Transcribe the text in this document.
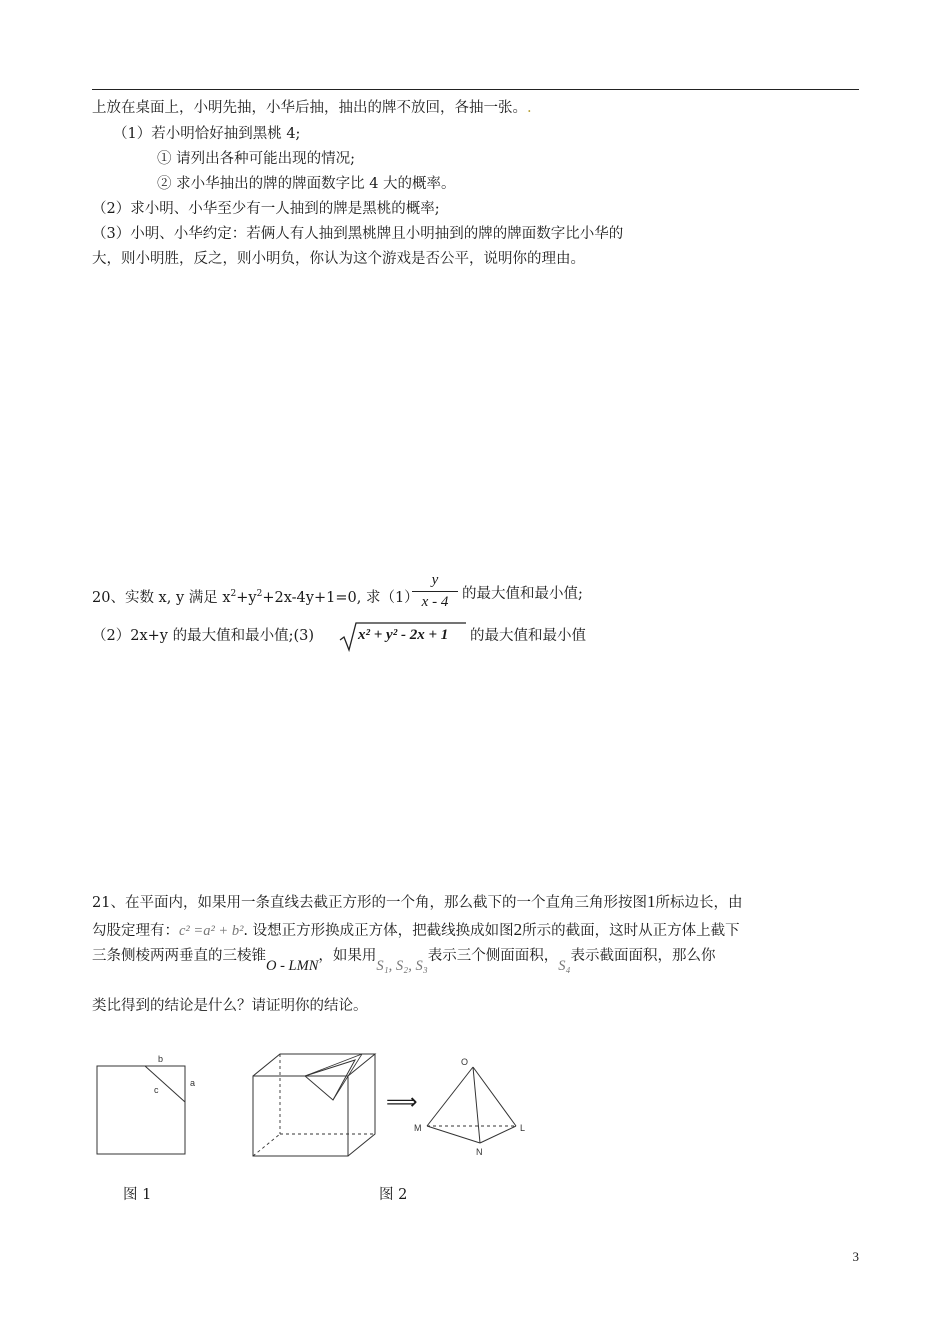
上放在桌面上，小明先抽，小华后抽，抽出的牌不放回，各抽一张。.
（1）若小明恰好抽到黑桃 4;
① 请列出各种可能出现的情况;
② 求小华抽出的牌的牌面数字比 4 大的概率。
（2）求小明、小华至少有一人抽到的牌是黑桃的概率;
（3）小明、小华约定：若俩人有人抽到黑桃牌且小明抽到的牌的牌面数字比小华的
大，则小明胜，反之，则小明负，你认为这个游戏是否公平，说明你的理由。
20、实数 x, y 满足 $x^2+y^2+2x-4y+1=0$, 求（1）
y
x - 4 的最大值和最小值;
（2）2x+y 的最大值和最小值;(3)	x² + y² - 2x + 1 的最大值和最小值
21、在平面内，如果用一条直线去截正方形的一个角，那么截下的一个直角三角形按图1所标边长，由
勾股定理有：c² =a² + b². 设想正方形换成正方体，把截线换成如图2所示的截面，这时从正方体上截下
三条侧棱两两垂直的三棱锥O - LMN，如果用S₁, S₂, S₃表示三个侧面面积，S₄表示截面面积，那么你
类比得到的结论是什么？请证明你的结论。
b
a
c	⟹
O
M	L
N
图 1	图 2
3
